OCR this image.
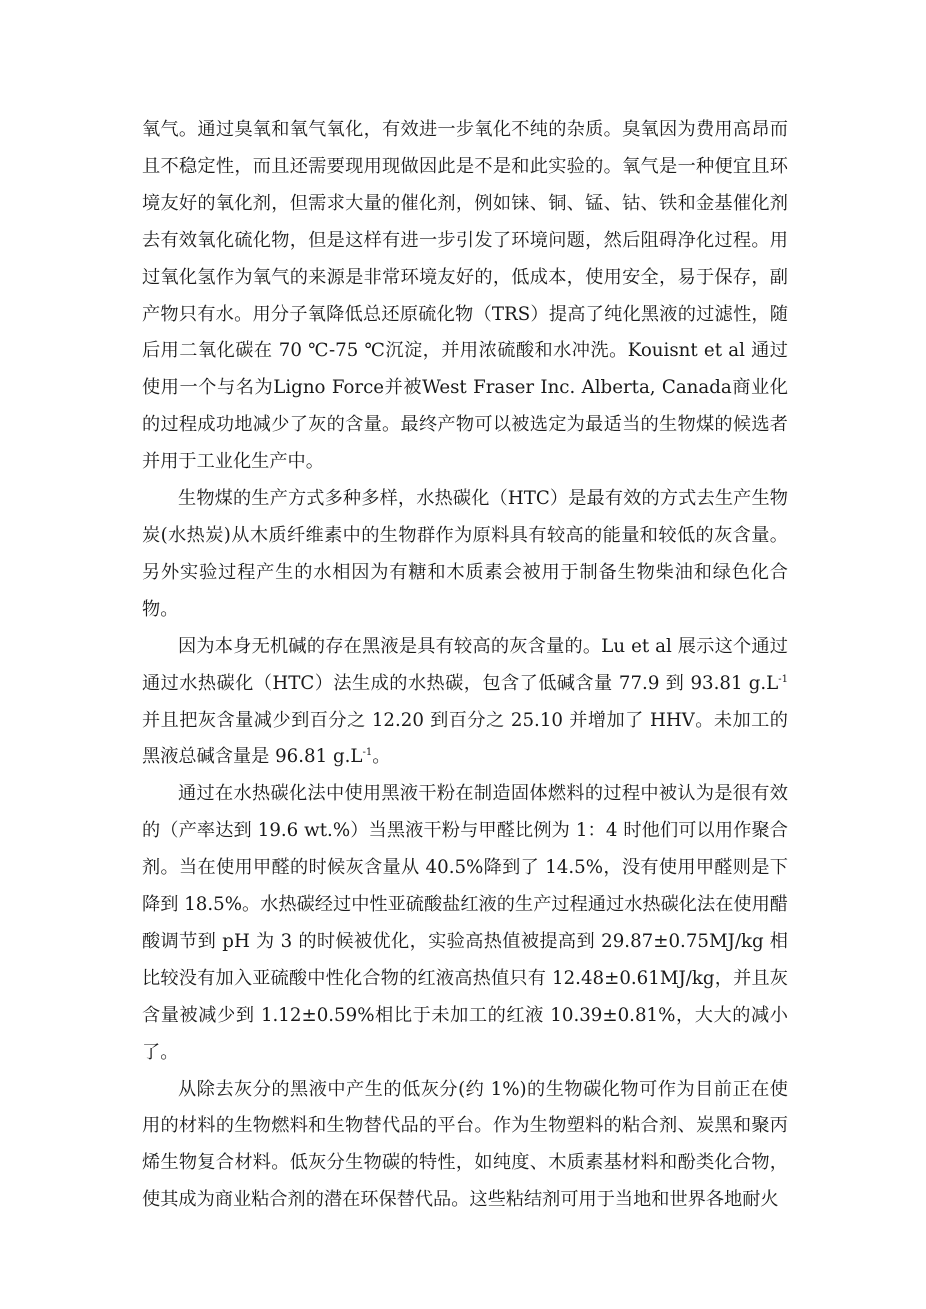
氧气。通过臭氧和氧气氧化，有效进一步氧化不纯的杂质。臭氧因为费用高昂而且不稳定性，而且还需要现用现做因此是不是和此实验的。氧气是一种便宜且环境友好的氧化剂，但需求大量的催化剂，例如铼、铜、锰、钴、铁和金基催化剂去有效氧化硫化物，但是这样有进一步引发了环境问题，然后阻碍净化过程。用过氧化氢作为氧气的来源是非常环境友好的，低成本，使用安全，易于保存，副产物只有水。用分子氧降低总还原硫化物（TRS）提高了纯化黑液的过滤性，随后用二氧化碳在 70 ℃-75 ℃沉淀，并用浓硫酸和水冲洗。Kouisnt et al 通过使用一个与名为Ligno Force并被West Fraser Inc. Alberta, Canada商业化的过程成功地减少了灰的含量。最终产物可以被选定为最适当的生物煤的候选者并用于工业化生产中。

生物煤的生产方式多种多样，水热碳化（HTC）是最有效的方式去生产生物炭(水热炭)从木质纤维素中的生物群作为原料具有较高的能量和较低的灰含量。另外实验过程产生的水相因为有糖和木质素会被用于制备生物柴油和绿色化合物。

因为本身无机碱的存在黑液是具有较高的灰含量的。Lu et al 展示这个通过通过水热碳化（HTC）法生成的水热碳，包含了低碱含量 77.9 到 93.81 $g.L^{-1}$ 并且把灰含量减少到百分之 12.20 到百分之 25.10 并增加了 HHV。未加工的黑液总碱含量是 96.81 $g.L^{-1}$。

通过在水热碳化法中使用黑液干粉在制造固体燃料的过程中被认为是很有效的（产率达到 19.6 wt.%）当黑液干粉与甲醛比例为 1：4 时他们可以用作聚合剂。当在使用甲醛的时候灰含量从 40.5%降到了 14.5%，没有使用甲醛则是下降到 18.5%。水热碳经过中性亚硫酸盐红液的生产过程通过水热碳化法在使用醋酸调节到 pH 为 3 的时候被优化，实验高热值被提高到 29.87±0.75MJ/kg 相比较没有加入亚硫酸中性化合物的红液高热值只有 12.48±0.61MJ/kg，并且灰含量被减少到 1.12±0.59%相比于未加工的红液 10.39±0.81%，大大的减小了。

从除去灰分的黑液中产生的低灰分(约 1%)的生物碳化物可作为目前正在使用的材料的生物燃料和生物替代品的平台。作为生物塑料的粘合剂、炭黑和聚丙烯生物复合材料。低灰分生物碳的特性，如纯度、木质素基材料和酚类化合物，使其成为商业粘合剂的潜在环保替代品。这些粘结剂可用于当地和世界各地耐火
